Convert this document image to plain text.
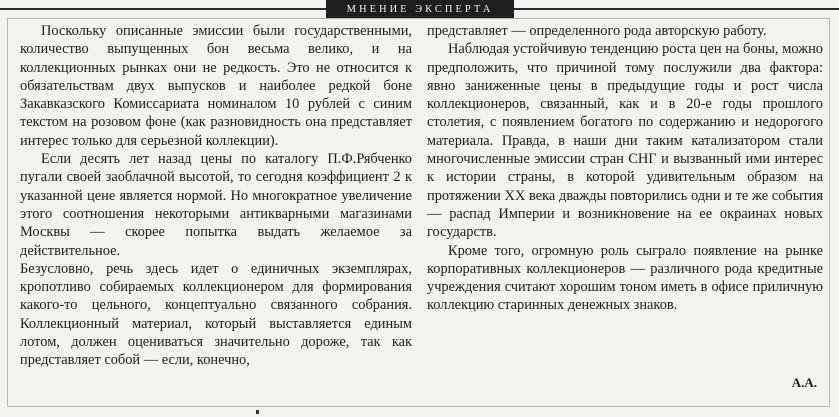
МНЕНИЕ ЭКСПЕРТА

Поскольку описанные эмиссии были государственными, количество выпущенных бон весьма велико, и на коллекционных рынках они не редкость. Это не относится к обязательствам двух выпусков и наиболее редкой боне Закавказского Комиссариата номиналом 10 рублей с синим текстом на розовом фоне (как разновидность она представляет интерес только для серьезной коллекции).

Если десять лет назад цены по каталогу П.Ф.Рябченко пугали своей заоблачной высотой, то сегодня коэффициент 2 к указанной цене является нормой. Но многократное увеличение этого соотношения некоторыми антикварными магазинами Москвы — скорее попытка выдать желаемое за действительное.

Безусловно, речь здесь идет о единичных экземплярах, кропотливо собираемых коллекционером для формирования какого-то цельного, концептуально связанного собрания. Коллекционный материал, который выставляется единым лотом, должен оцениваться значительно дороже, так как представляет собой — если, конечно,

представляет — определенного рода авторскую работу.

Наблюдая устойчивую тенденцию роста цен на боны, можно предположить, что причиной тому послужили два фактора: явно заниженные цены в предыдущие годы и рост числа коллекционеров, связанный, как и в 20-е годы прошлого столетия, с появлением богатого по содержанию и недорогого материала. Правда, в наши дни таким катализатором стали многочисленные эмиссии стран СНГ и вызванный ими интерес к истории страны, в которой удивительным образом на протяжении XX века дважды повторились одни и те же события — распад Империи и возникновение на ее окраинах новых государств.

Кроме того, огромную роль сыграло появление на рынке корпоративных коллекционеров — различного рода кредитные учреждения считают хорошим тоном иметь в офисе приличную коллекцию старинных денежных знаков.

А.А.
